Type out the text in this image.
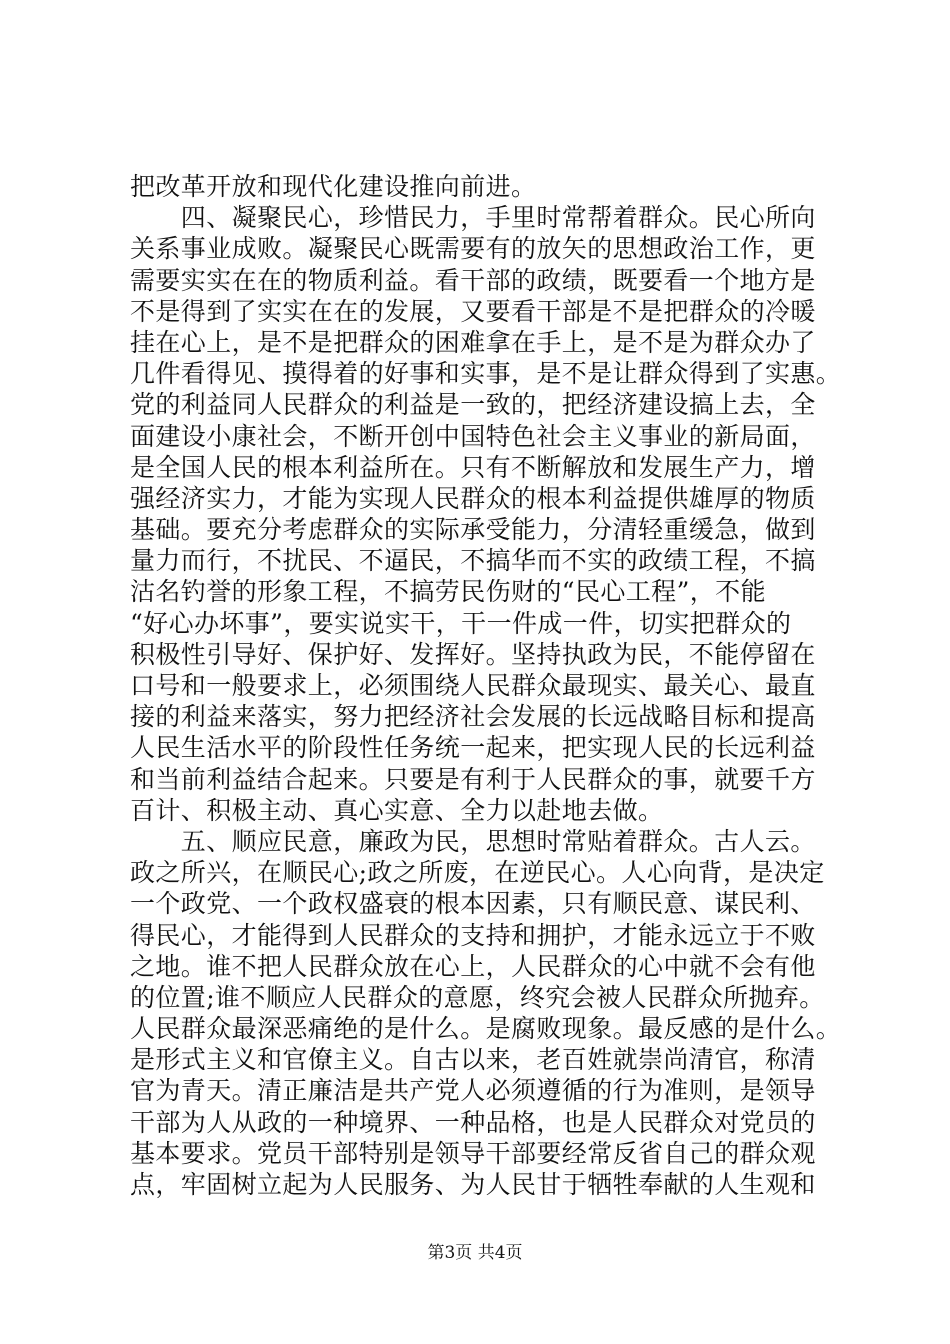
把改革开放和现代化建设推向前进。
　　四、凝聚民心，珍惜民力，手里时常帮着群众。民心所向
关系事业成败。凝聚民心既需要有的放矢的思想政治工作，更
需要实实在在的物质利益。看干部的政绩，既要看一个地方是
不是得到了实实在在的发展，又要看干部是不是把群众的冷暖
挂在心上，是不是把群众的困难拿在手上，是不是为群众办了
几件看得见、摸得着的好事和实事，是不是让群众得到了实惠。
党的利益同人民群众的利益是一致的，把经济建设搞上去，全
面建设小康社会，不断开创中国特色社会主义事业的新局面，
是全国人民的根本利益所在。只有不断解放和发展生产力，增
强经济实力，才能为实现人民群众的根本利益提供雄厚的物质
基础。要充分考虑群众的实际承受能力，分清轻重缓急，做到
量力而行，不扰民、不逼民，不搞华而不实的政绩工程，不搞
沽名钓誉的形象工程，不搞劳民伤财的“民心工程”，不能
“好心办坏事”，要实说实干，干一件成一件，切实把群众的
积极性引导好、保护好、发挥好。坚持执政为民，不能停留在
口号和一般要求上，必须围绕人民群众最现实、最关心、最直
接的利益来落实，努力把经济社会发展的长远战略目标和提高
人民生活水平的阶段性任务统一起来，把实现人民的长远利益
和当前利益结合起来。只要是有利于人民群众的事，就要千方
百计、积极主动、真心实意、全力以赴地去做。
　　五、顺应民意，廉政为民，思想时常贴着群众。古人云。
政之所兴，在顺民心;政之所废，在逆民心。人心向背，是决定
一个政党、一个政权盛衰的根本因素，只有顺民意、谋民利、
得民心，才能得到人民群众的支持和拥护，才能永远立于不败
之地。谁不把人民群众放在心上，人民群众的心中就不会有他
的位置;谁不顺应人民群众的意愿，终究会被人民群众所抛弃。
人民群众最深恶痛绝的是什么。是腐败现象。最反感的是什么。
是形式主义和官僚主义。自古以来，老百姓就崇尚清官，称清
官为青天。清正廉洁是共产党人必须遵循的行为准则，是领导
干部为人从政的一种境界、一种品格，也是人民群众对党员的
基本要求。党员干部特别是领导干部要经常反省自己的群众观
点，牢固树立起为人民服务、为人民甘于牺牲奉献的人生观和
第3页 共4页
